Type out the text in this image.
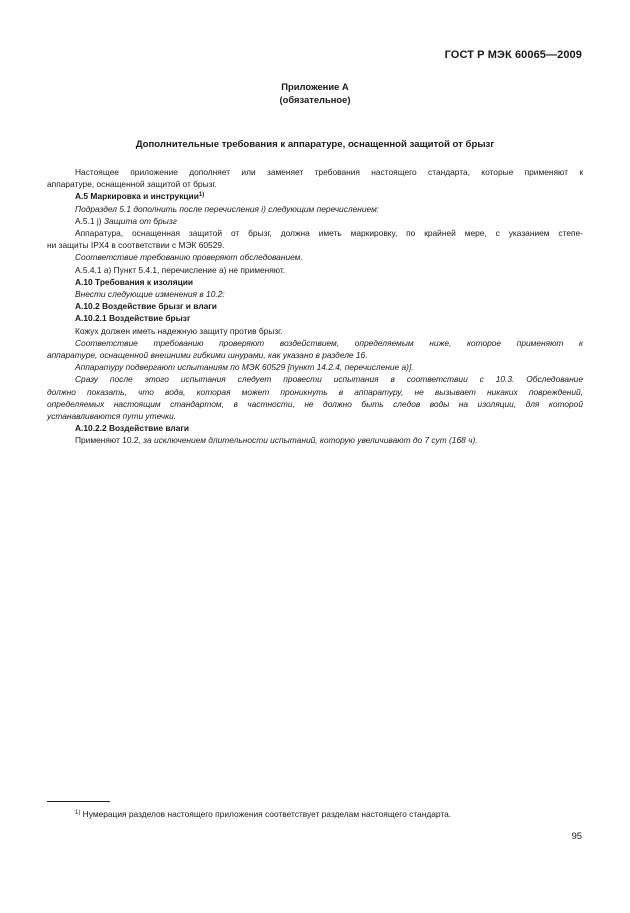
ГОСТ Р МЭК 60065—2009
Приложение А
(обязательное)
Дополнительные требования к аппаратуре, оснащенной защитой от брызг

Настоящее приложение дополняет или заменяет требования настоящего стандарта, которые применяют к

аппаратуре, оснащенной защитой от брызг.

А.5 Маркировка и инструкции$^{1)}$

Подраздел 5.1 дополнить после перечисления i) следующим перечислением:

А.5.1 j) Защита от брызг

Аппаратура, оснащенная защитой от брызг, должна иметь маркировку, по крайней мере, с указанием степе-

ни защиты IPX4 в соответствии с МЭК 60529.

Соответствие требованию проверяют обследованием.

А.5.4.1 а) Пункт 5.4.1, перечисление а) не применяют.

А.10 Требования к изоляции

Внести следующие изменения в 10.2:

А.10.2 Воздействие брызг и влаги

А.10.2.1 Воздействие брызг

Кожух должен иметь надежную защиту против брызг.

Соответствие требованию проверяют воздействием, определяемым ниже, которое применяют к

аппаратуре, оснащенной внешними гибкими шнурами, как указано в разделе 16.

Аппаратуру подвергают испытаниям по МЭК 60529 [пункт 14.2.4, перечисление а)].

Сразу после этого испытания следует провести испытания в соответствии с 10.3. Обследование

должно показать, что вода, которая может проникнуть в аппаратуру, не вызывает никаких повреждений,

определяемых настоящим стандартом, в частности, не должно быть следов воды на изоляции, для которой

устанавливаются пути утечки.

А.10.2.2 Воздействие влаги

Применяют 10.2, за исключением длительности испытаний, которую увеличивают до 7 сут (168 ч).

$^{1)}$ Нумерация разделов настоящего приложения соответствует разделам настоящего стандарта.
95
